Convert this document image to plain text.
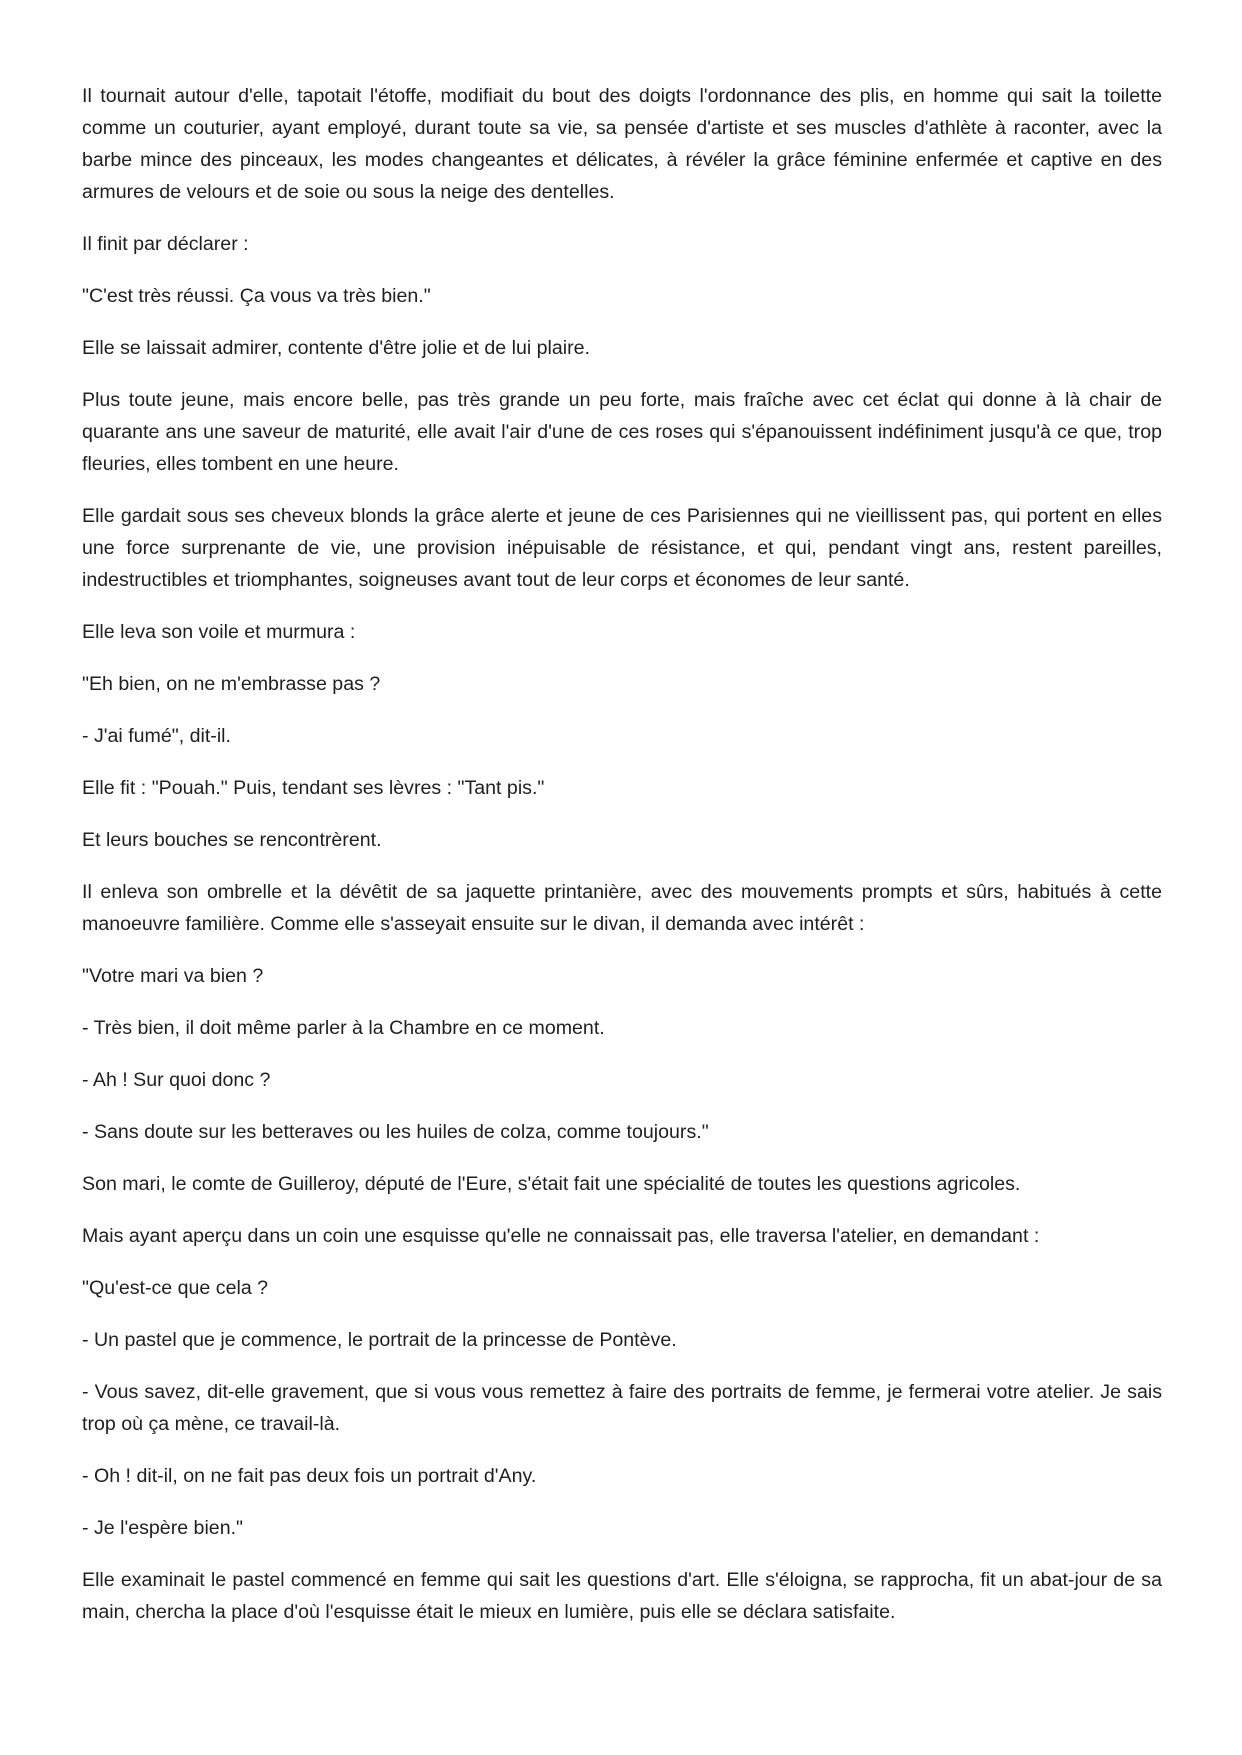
Il tournait autour d'elle, tapotait l'étoffe, modifiait du bout des doigts l'ordonnance des plis, en homme qui sait la toilette comme un couturier, ayant employé, durant toute sa vie, sa pensée d'artiste et ses muscles d'athlète à raconter, avec la barbe mince des pinceaux, les modes changeantes et délicates, à révéler la grâce féminine enfermée et captive en des armures de velours et de soie ou sous la neige des dentelles.

Il finit par déclarer :

"C'est très réussi. Ça vous va très bien."

Elle se laissait admirer, contente d'être jolie et de lui plaire.

Plus toute jeune, mais encore belle, pas très grande un peu forte, mais fraîche avec cet éclat qui donne à là chair de quarante ans une saveur de maturité, elle avait l'air d'une de ces roses qui s'épanouissent indéfiniment jusqu'à ce que, trop fleuries, elles tombent en une heure.

Elle gardait sous ses cheveux blonds la grâce alerte et jeune de ces Parisiennes qui ne vieillissent pas, qui portent en elles une force surprenante de vie, une provision inépuisable de résistance, et qui, pendant vingt ans, restent pareilles, indestructibles et triomphantes, soigneuses avant tout de leur corps et économes de leur santé.

Elle leva son voile et murmura :

"Eh bien, on ne m'embrasse pas ?

- J'ai fumé", dit-il.

Elle fit : "Pouah." Puis, tendant ses lèvres : "Tant pis."

Et leurs bouches se rencontrèrent.

Il enleva son ombrelle et la dévêtit de sa jaquette printanière, avec des mouvements prompts et sûrs, habitués à cette manoeuvre familière. Comme elle s'asseyait ensuite sur le divan, il demanda avec intérêt :

"Votre mari va bien ?

- Très bien, il doit même parler à la Chambre en ce moment.

- Ah ! Sur quoi donc ?

- Sans doute sur les betteraves ou les huiles de colza, comme toujours."

Son mari, le comte de Guilleroy, député de l'Eure, s'était fait une spécialité de toutes les questions agricoles.

Mais ayant aperçu dans un coin une esquisse qu'elle ne connaissait pas, elle traversa l'atelier, en demandant :

"Qu'est-ce que cela ?

- Un pastel que je commence, le portrait de la princesse de Pontève.

- Vous savez, dit-elle gravement, que si vous vous remettez à faire des portraits de femme, je fermerai votre atelier. Je sais trop où ça mène, ce travail-là.

- Oh ! dit-il, on ne fait pas deux fois un portrait d'Any.

- Je l'espère bien."

Elle examinait le pastel commencé en femme qui sait les questions d'art. Elle s'éloigna, se rapprocha, fit un abat-jour de sa main, chercha la place d'où l'esquisse était le mieux en lumière, puis elle se déclara satisfaite.
